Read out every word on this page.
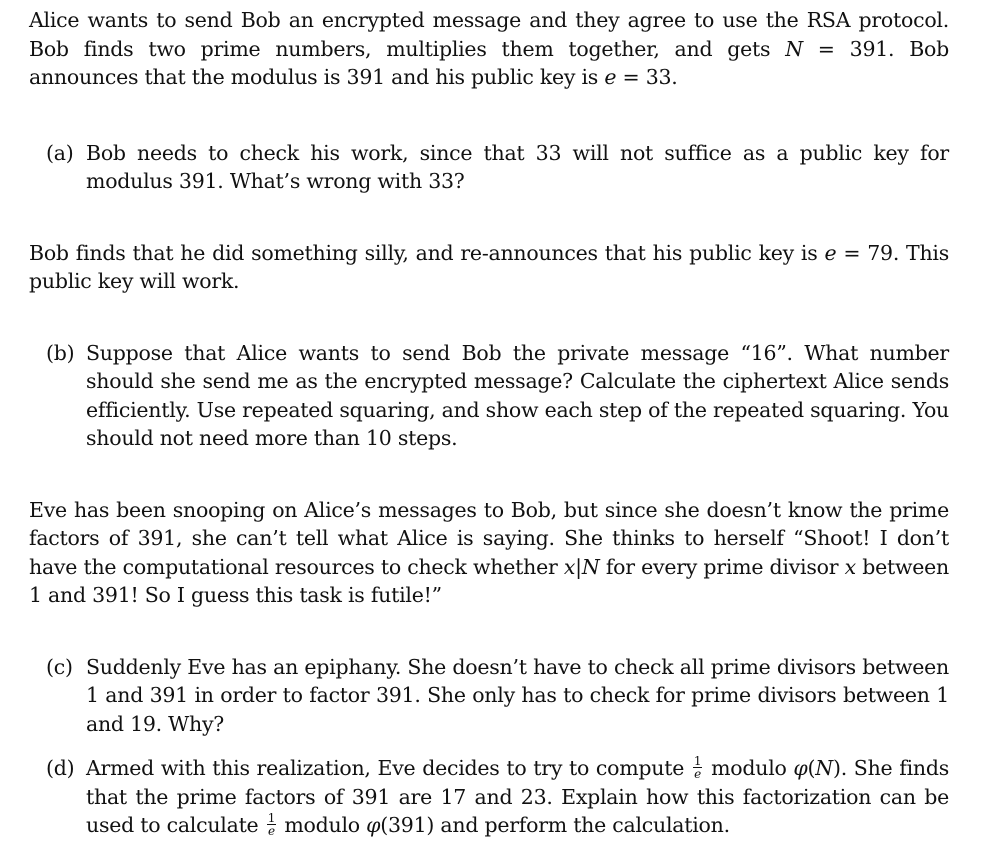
Alice wants to send Bob an encrypted message and they agree to use the RSA protocol. Bob finds two prime numbers, multiplies them together, and gets N = 391. Bob announces that the modulus is 391 and his public key is e = 33.

(a) Bob needs to check his work, since that 33 will not suffice as a public key for modulus 391. What’s wrong with 33?

Bob finds that he did something silly, and re-announces that his public key is e = 79. This public key will work.

(b) Suppose that Alice wants to send Bob the private message “16”. What number should she send me as the encrypted message? Calculate the ciphertext Alice sends efficiently. Use repeated squaring, and show each step of the repeated squaring. You should not need more than 10 steps.

Eve has been snooping on Alice’s messages to Bob, but since she doesn’t know the prime factors of 391, she can’t tell what Alice is saying. She thinks to herself “Shoot! I don’t have the computational resources to check whether x|N for every prime divisor x between 1 and 391! So I guess this task is futile!”

(c) Suddenly Eve has an epiphany. She doesn’t have to check all prime divisors between 1 and 391 in order to factor 391. She only has to check for prime divisors between 1 and 19. Why?
(d) Armed with this realization, Eve decides to try to compute $\frac{1}{e}$ modulo φ(N). She finds that the prime factors of 391 are 17 and 23. Explain how this factorization can be used to calculate $\frac{1}{e}$ modulo φ(391) and perform the calculation.
